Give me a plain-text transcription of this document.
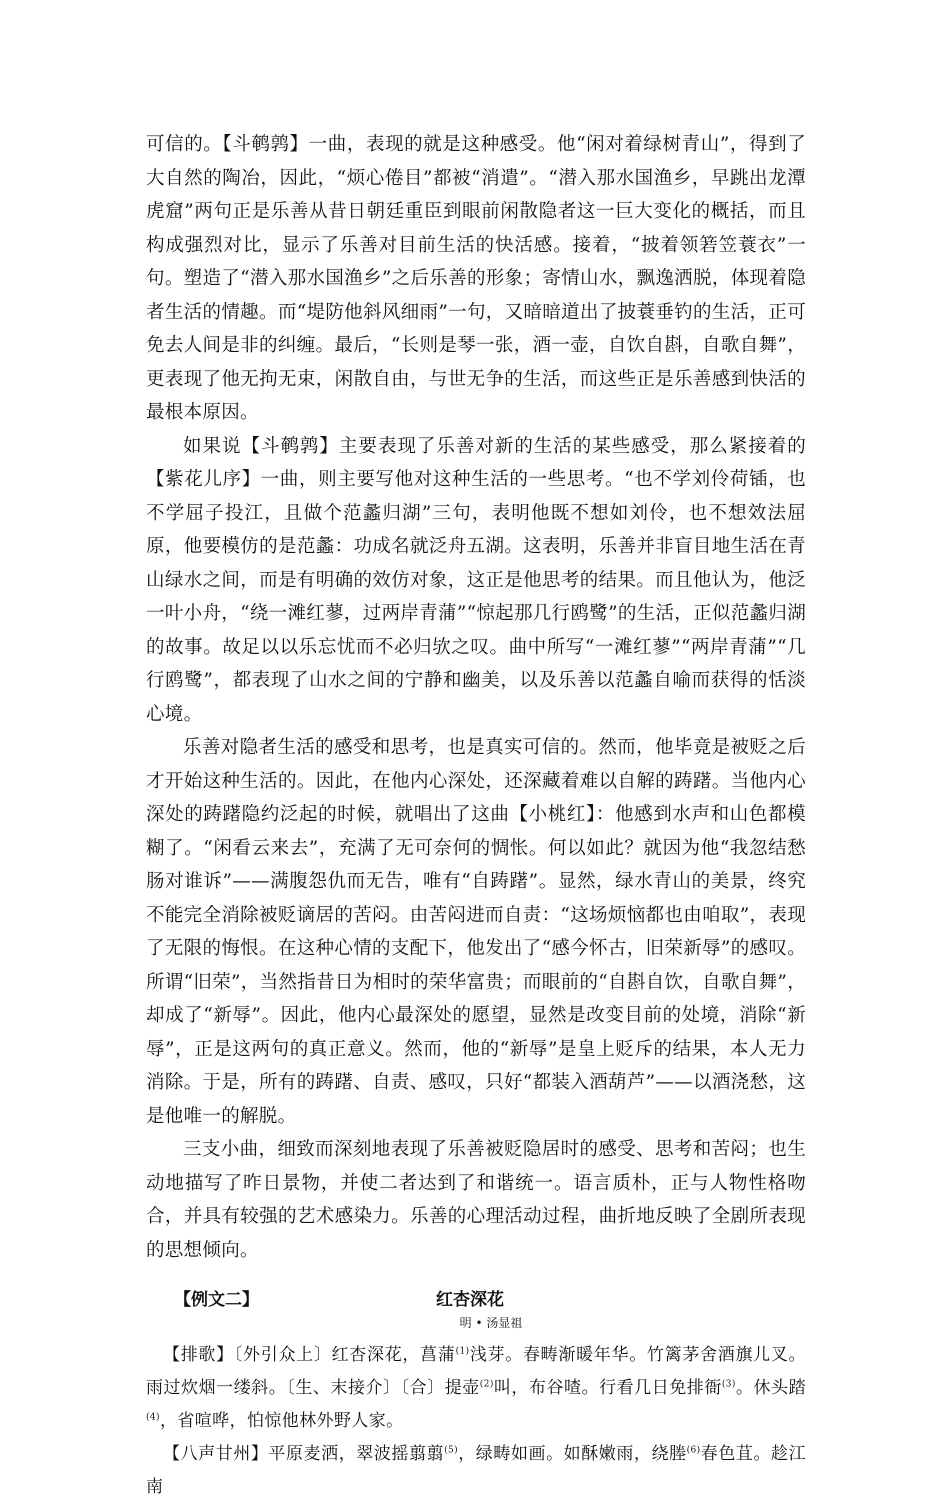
可信的。【斗鹌鹑】一曲，表现的就是这种感受。他“闲对着绿树青山”，得到了大自然的陶冶，因此，“烦心倦目”都被“消遣”。“潜入那水国渔乡，早跳出龙潭虎窟”两句正是乐善从昔日朝廷重臣到眼前闲散隐者这一巨大变化的概括，而且构成强烈对比，显示了乐善对目前生活的快活感。接着，“披着领箬笠蓑衣”一句。塑造了“潜入那水国渔乡”之后乐善的形象；寄情山水，飘逸洒脱，体现着隐者生活的情趣。而“堤防他斜风细雨”一句，又暗暗道出了披蓑垂钓的生活，正可免去人间是非的纠缠。最后，“长则是琴一张，酒一壶，自饮自斟，自歌自舞”，更表现了他无拘无束，闲散自由，与世无争的生活，而这些正是乐善感到快活的最根本原因。

如果说【斗鹌鹑】主要表现了乐善对新的生活的某些感受，那么紧接着的【紫花儿序】一曲，则主要写他对这种生活的一些思考。“也不学刘伶荷锸，也不学屈子投江，且做个范蠡归湖”三句，表明他既不想如刘伶，也不想效法屈原，他要模仿的是范蠡：功成名就泛舟五湖。这表明，乐善并非盲目地生活在青山绿水之间，而是有明确的效仿对象，这正是他思考的结果。而且他认为，他泛一叶小舟，“绕一滩红蓼，过两岸青蒲”“惊起那几行鸥鹭”的生活，正似范蠡归湖的故事。故足以以乐忘忧而不必归欤之叹。曲中所写“一滩红蓼”“两岸青蒲”“几行鸥鹭”，都表现了山水之间的宁静和幽美，以及乐善以范蠡自喻而获得的恬淡心境。

乐善对隐者生活的感受和思考，也是真实可信的。然而，他毕竟是被贬之后才开始这种生活的。因此，在他内心深处，还深藏着难以自解的踌躇。当他内心深处的踌躇隐约泛起的时候，就唱出了这曲【小桃红】：他感到水声和山色都模糊了。“闲看云来去”，充满了无可奈何的惆怅。何以如此？就因为他“我忽结愁肠对谁诉”——满腹怨仇而无告，唯有“自踌躇”。显然，绿水青山的美景，终究不能完全消除被贬谪居的苦闷。由苦闷进而自责：“这场烦恼都也由咱取”，表现了无限的悔恨。在这种心情的支配下，他发出了“感今怀古，旧荣新辱”的感叹。所谓“旧荣”，当然指昔日为相时的荣华富贵；而眼前的“自斟自饮，自歌自舞”，却成了“新辱”。因此，他内心最深处的愿望，显然是改变目前的处境，消除“新辱”，正是这两句的真正意义。然而，他的“新辱”是皇上贬斥的结果，本人无力消除。于是，所有的踌躇、自责、感叹，只好“都装入酒葫芦”——以酒浇愁，这是他唯一的解脱。

三支小曲，细致而深刻地表现了乐善被贬隐居时的感受、思考和苦闷；也生动地描写了昨日景物，并使二者达到了和谐统一。语言质朴，正与人物性格吻合，并具有较强的艺术感染力。乐善的心理活动过程，曲折地反映了全剧所表现的思想倾向。

【例文二】	红杏深花
明 • 汤显祖

【排歌】〔外引众上〕红杏深花，菖蒲$^{(1)}$浅芽。春畴渐暖年华。竹篱茅舍酒旗儿叉。雨过炊烟一缕斜。〔生、末接介〕〔合〕提壶$^{(2)}$叫，布谷喳。行看几日免排衙$^{(3)}$。休头踏$^{(4)}$，省喧哗，怕惊他林外野人家。

【八声甘州】平原麦洒，翠波摇翦翦$^{(5)}$，绿畴如画。如酥嫩雨，绕塍$^{(6)}$春色苴。趁江南
